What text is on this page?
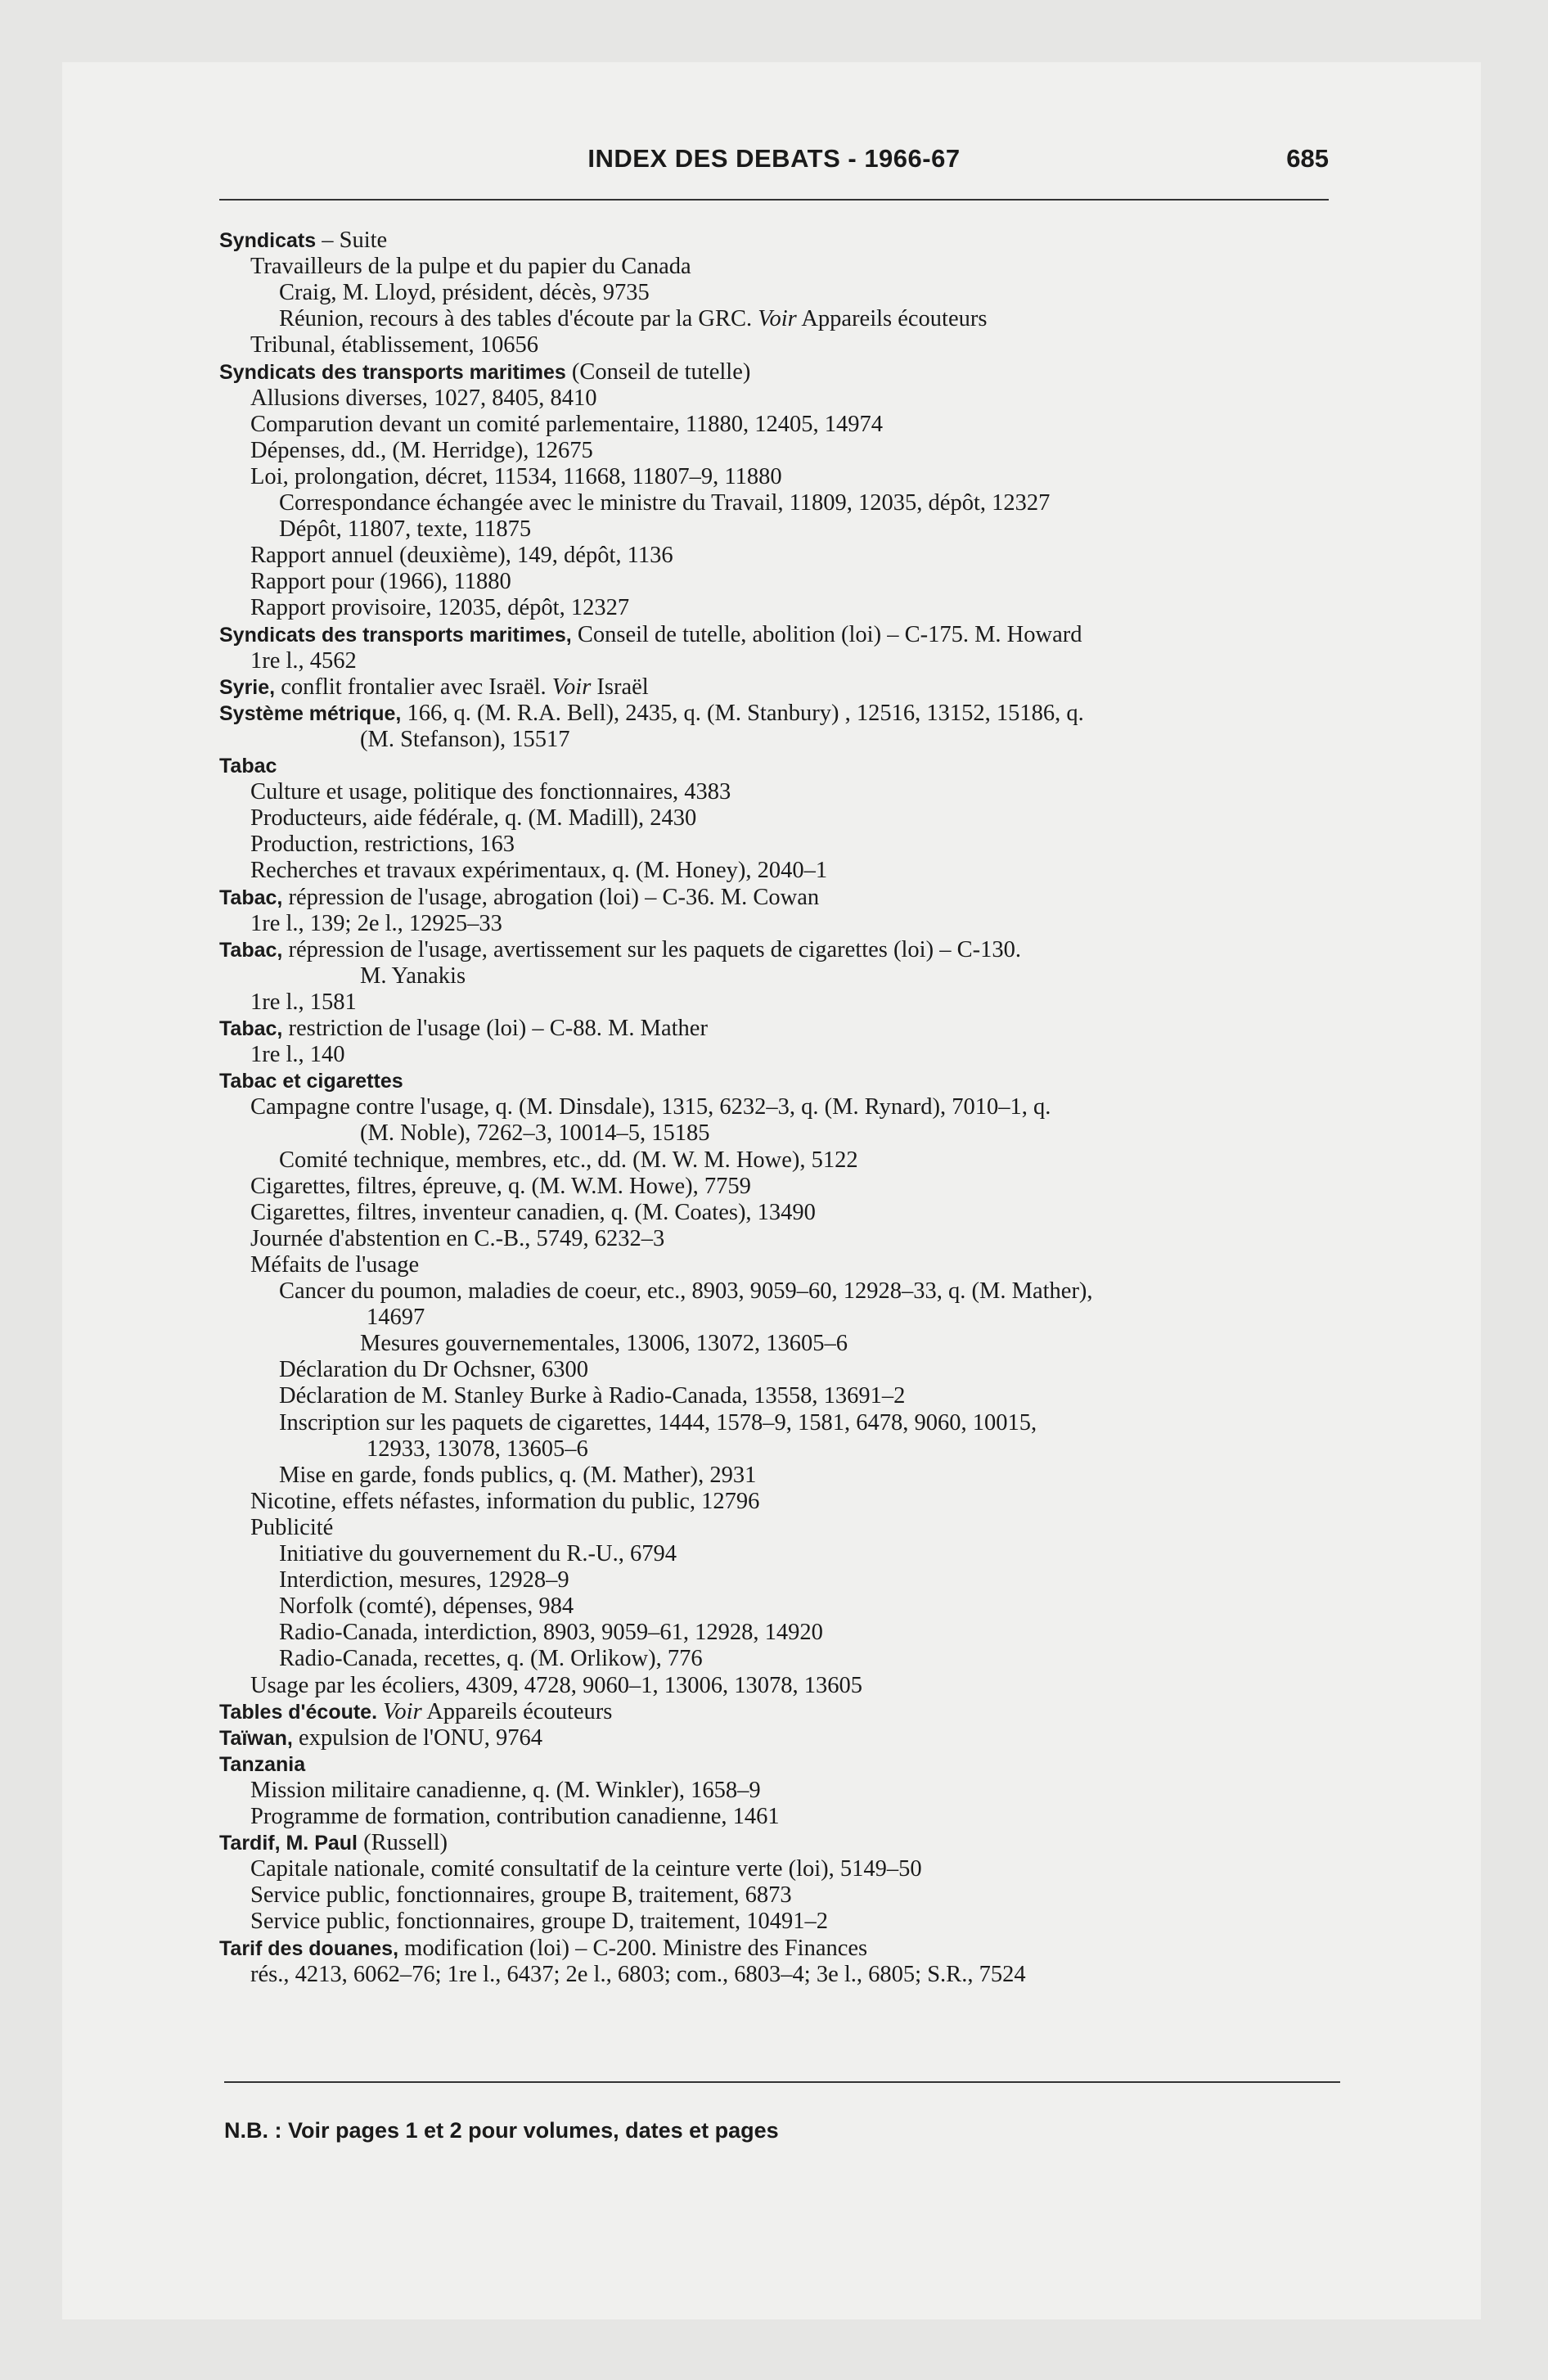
INDEX DES DEBATS - 1966-67	685
Syndicats – Suite
Travailleurs de la pulpe et du papier du Canada
Craig, M. Lloyd, président, décès, 9735
Réunion, recours à des tables d'écoute par la GRC. Voir Appareils écouteurs
Tribunal, établissement, 10656
Syndicats des transports maritimes (Conseil de tutelle)
Allusions diverses, 1027, 8405, 8410
Comparution devant un comité parlementaire, 11880, 12405, 14974
Dépenses, dd., (M. Herridge), 12675
Loi, prolongation, décret, 11534, 11668, 11807–9, 11880
Correspondance échangée avec le ministre du Travail, 11809, 12035, dépôt, 12327
Dépôt, 11807, texte, 11875
Rapport annuel (deuxième), 149, dépôt, 1136
Rapport pour (1966), 11880
Rapport provisoire, 12035, dépôt, 12327
Syndicats des transports maritimes, Conseil de tutelle, abolition (loi) – C-175. M. Howard
1re l., 4562
Syrie, conflit frontalier avec Israël. Voir Israël
Système métrique, 166, q. (M. R.A. Bell), 2435, q. (M. Stanbury) , 12516, 13152, 15186, q.
(M. Stefanson), 15517
Tabac
Culture et usage, politique des fonctionnaires, 4383
Producteurs, aide fédérale, q. (M. Madill), 2430
Production, restrictions, 163
Recherches et travaux expérimentaux, q. (M. Honey), 2040–1
Tabac, répression de l'usage, abrogation (loi) – C-36. M. Cowan
1re l., 139; 2e l., 12925–33
Tabac, répression de l'usage, avertissement sur les paquets de cigarettes (loi) – C-130.
M. Yanakis
1re l., 1581
Tabac, restriction de l'usage (loi) – C-88. M. Mather
1re l., 140
Tabac et cigarettes
Campagne contre l'usage, q. (M. Dinsdale), 1315, 6232–3, q. (M. Rynard), 7010–1, q.
(M. Noble), 7262–3, 10014–5, 15185
Comité technique, membres, etc., dd. (M. W. M. Howe), 5122
Cigarettes, filtres, épreuve, q. (M. W.M. Howe), 7759
Cigarettes, filtres, inventeur canadien, q. (M. Coates), 13490
Journée d'abstention en C.-B., 5749, 6232–3
Méfaits de l'usage
Cancer du poumon, maladies de coeur, etc., 8903, 9059–60, 12928–33, q. (M. Mather),
14697
Mesures gouvernementales, 13006, 13072, 13605–6
Déclaration du Dr Ochsner, 6300
Déclaration de M. Stanley Burke à Radio-Canada, 13558, 13691–2
Inscription sur les paquets de cigarettes, 1444, 1578–9, 1581, 6478, 9060, 10015,
12933, 13078, 13605–6
Mise en garde, fonds publics, q. (M. Mather), 2931
Nicotine, effets néfastes, information du public, 12796
Publicité
Initiative du gouvernement du R.-U., 6794
Interdiction, mesures, 12928–9
Norfolk (comté), dépenses, 984
Radio-Canada, interdiction, 8903, 9059–61, 12928, 14920
Radio-Canada, recettes, q. (M. Orlikow), 776
Usage par les écoliers, 4309, 4728, 9060–1, 13006, 13078, 13605
Tables d'écoute. Voir Appareils écouteurs
Taïwan, expulsion de l'ONU, 9764
Tanzania
Mission militaire canadienne, q. (M. Winkler), 1658–9
Programme de formation, contribution canadienne, 1461
Tardif, M. Paul (Russell)
Capitale nationale, comité consultatif de la ceinture verte (loi), 5149–50
Service public, fonctionnaires, groupe B, traitement, 6873
Service public, fonctionnaires, groupe D, traitement, 10491–2
Tarif des douanes, modification (loi) – C-200. Ministre des Finances
rés., 4213, 6062–76; 1re l., 6437; 2e l., 6803; com., 6803–4; 3e l., 6805; S.R., 7524
N.B. : Voir pages 1 et 2 pour volumes, dates et pages
